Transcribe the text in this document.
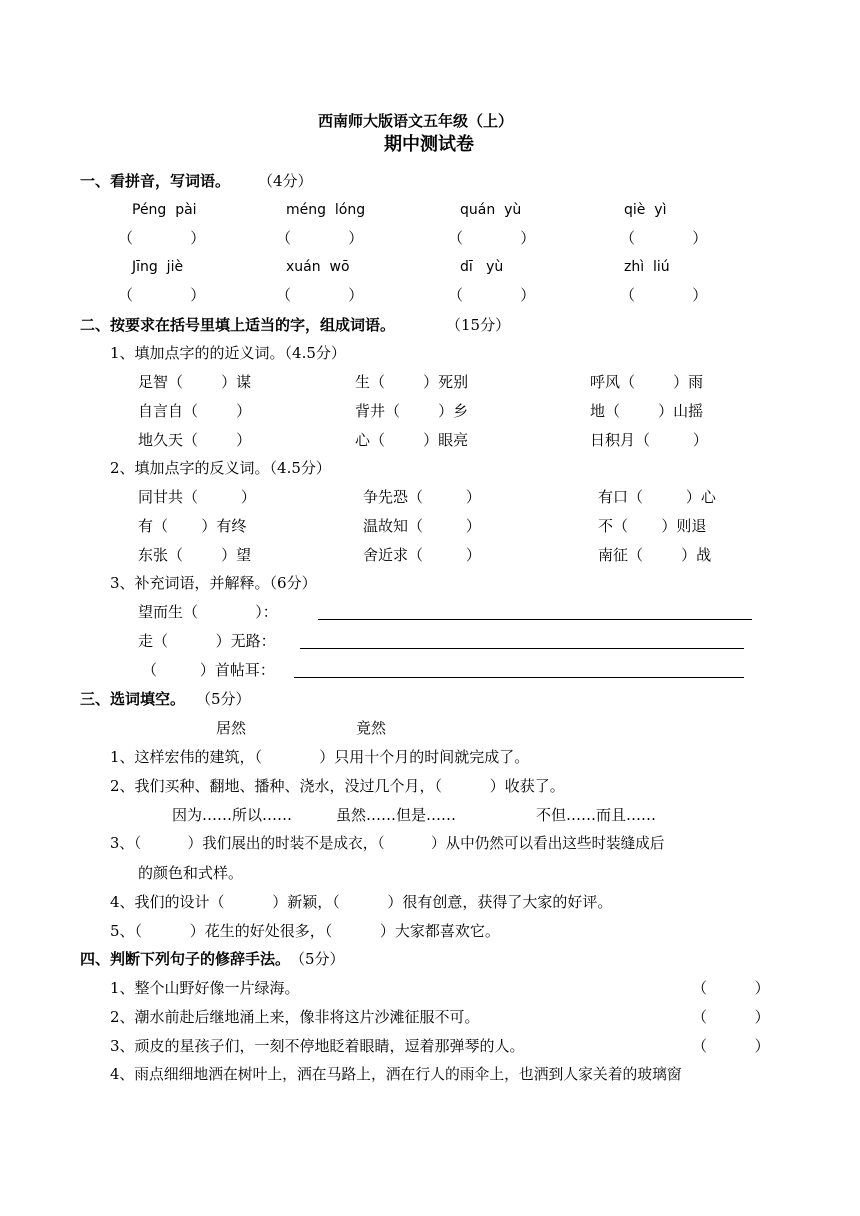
西南师大版语文五年级（上）
期中测试卷
一、看拼音，写词语。 （4分）
Péng  pài	méng  lóng	quán  yù	qiè  yì
（            ）	（            ）	（            ）	（            ）
Jīng  jiè	xuán  wō	dī   yù	zhì  liú
（            ）	（            ）	（            ）	（            ）
二、按要求在括号里填上适当的字，组成词语。	（15分）
1、填加点字的的近义词。（4.5分）
足智（        ）谋	生（        ）死别	呼风（        ）雨
自言自（        ）	背井（        ）乡	地（        ）山摇
地久天（        ）	心（        ）眼亮	日积月（         ）
2、填加点字的反义词。（4.5分）
同甘共（         ）	争先恐（         ）	有口（         ）心
有（       ）有终	温故知（         ）	不（       ）则退
东张（        ）望	舍近求（         ）	南征（        ）战
3、补充词语，并解释。（6分）
望而生（            ）：
走（          ）无路：
（         ）首帖耳：
三、选词填空。 （5分）
居然	竟然
1、这样宏伟的建筑，（            ）只用十个月的时间就完成了。
2、我们买种、翻地、播种、浇水，没过几个月，（          ）收获了。
因为……所以……	虽然……但是……	不但……而且……
3、（          ）我们展出的时装不是成衣，（          ）从中仍然可以看出这些时装缝成后
的颜色和式样。
4、我们的设计（          ）新颖，（          ）很有创意，获得了大家的好评。
5、（          ）花生的好处很多，（          ）大家都喜欢它。
四、判断下列句子的修辞手法。 （5分）
1、整个山野好像一片绿海。	（          ）
2、潮水前赴后继地涌上来，像非将这片沙滩征服不可。	（          ）
3、顽皮的星孩子们，一刻不停地眨着眼睛，逗着那弹琴的人。	（          ）
4、雨点细细地洒在树叶上，洒在马路上，洒在行人的雨伞上，也洒到人家关着的玻璃窗
